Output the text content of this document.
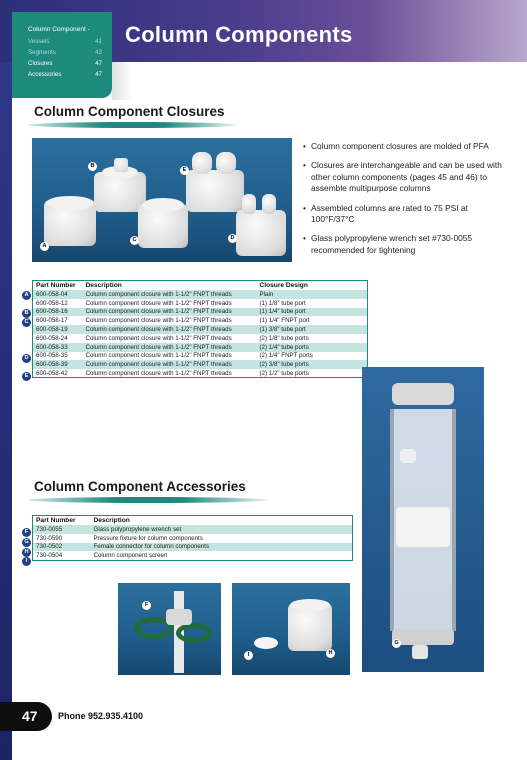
Column Components
Column Component -
Vessels	41
Segments	43
Closures	47
Accessories	47
Column Component Closures
A
B
C	D
E
• Column component closures are molded of PFA
• Closures are interchangeable and can be used with other column components (pages 45 and 46) to assemble multipurpose columns
• Assembled columns are rated to 75 PSI at 100°F/37°C
• Glass polypropylene wrench set #730-0055 recommended for tightening
Part Number	Description	Closure Design
600-058-04	Column component closure with 1-1/2" FNPT threads	Plain
600-058-12	Column component closure with 1-1/2" FNPT threads	(1) 1/8" tube port
600-058-16	Column component closure with 1-1/2" FNPT threads	(1) 1/4" tube port
600-058-17	Column component closure with 1-1/2" FNPT threads	(1) 1/4" FNPT port
600-058-19	Column component closure with 1-1/2" FNPT threads	(1) 3/8" tube port
600-058-24	Column component closure with 1-1/2" FNPT threads	(2) 1/8" tube ports
600-058-33	Column component closure with 1-1/2" FNPT threads	(2) 1/4" tube ports
600-058-35	Column component closure with 1-1/2" FNPT threads	(2) 1/4" FNPT ports
600-058-39	Column component closure with 1-1/2" FNPT threads	(2) 3/8" tube ports
600-058-42	Column component closure with 1-1/2" FNPT threads	(2) 1/2" tube ports
A
B
C
D
E
G
Column Component Accessories
Part Number	Description
730-0055	Glass polypropylene wrench set
730-0590	Pressure fixture for column components
730-0502	Female connector for column components
730-0504	Column component screen
F
G
H
I
F
I	H
47 Phone 952.935.4100
